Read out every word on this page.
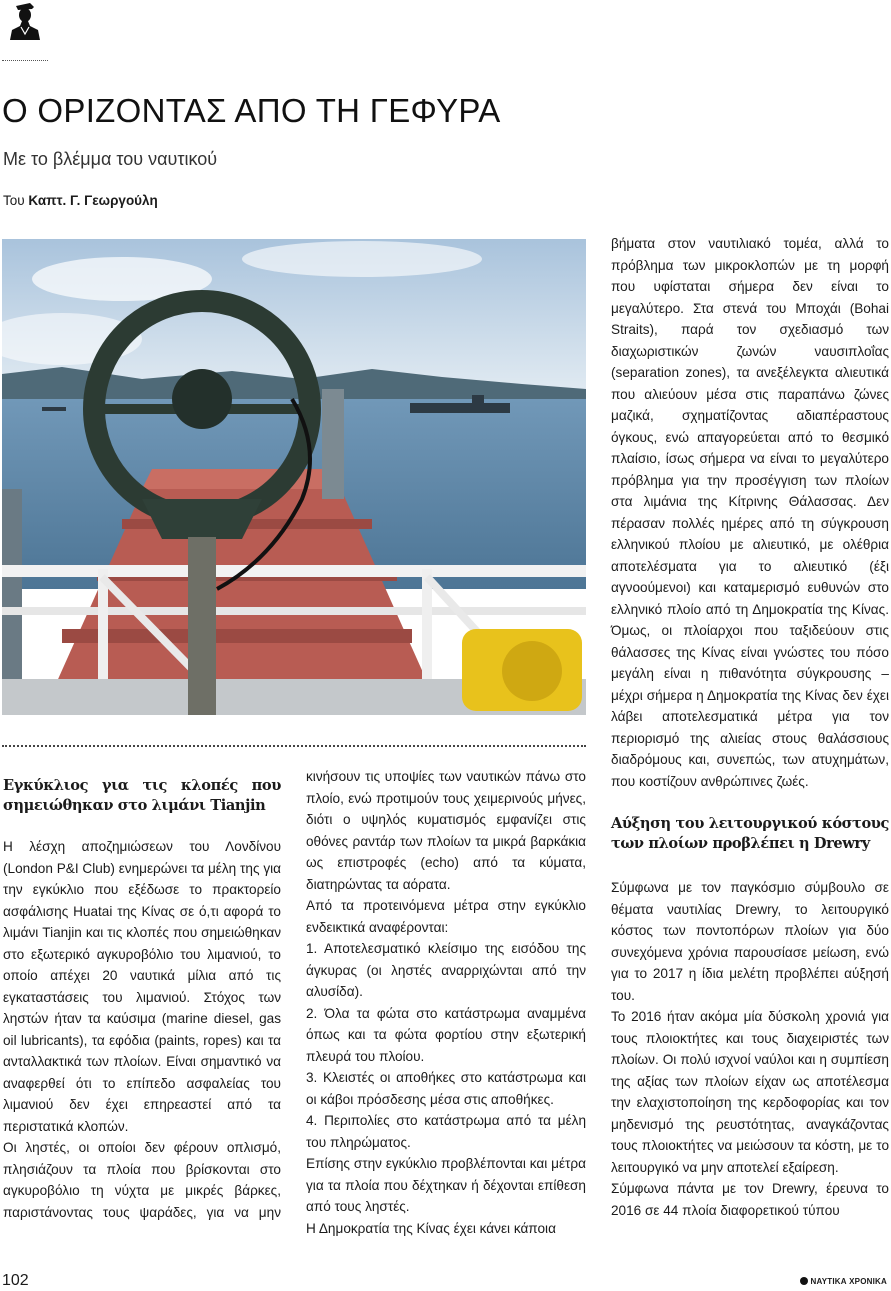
Ο ΟΡΙΖΟΝΤΑΣ ΑΠΟ ΤΗ ΓΕΦΥΡΑ
Με το βλέμμα του ναυτικού
Του Καπτ. Γ. Γεωργούλη

βήματα στον ναυτιλιακό τομέα, αλλά το πρόβλημα των μικροκλοπών με τη μορφή που υφίσταται σήμερα δεν είναι το μεγαλύτερο. Στα στενά του Μποχάι (Bohai Straits), παρά τον σχεδιασμό των διαχωριστικών ζωνών ναυσιπλοΐας (separation zones), τα ανεξέλεγκτα αλιευτικά που αλιεύουν μέσα στις παραπάνω ζώνες μαζικά, σχηματίζοντας αδιαπέραστους όγκους, ενώ απαγορεύεται από το θεσμικό πλαίσιο, ίσως σήμερα να είναι το μεγαλύτερο πρόβλημα για την προσέγγιση των πλοίων στα λιμάνια της Κίτρινης Θάλασσας. Δεν πέρασαν πολλές ημέρες από τη σύγκρουση ελληνικού πλοίου με αλιευτικό, με ολέθρια αποτελέσματα για το αλιευτικό (έξι αγνοούμενοι) και καταμερισμό ευθυνών στο ελληνικό πλοίο από τη Δημοκρατία της Κίνας. Όμως, οι πλοίαρχοι που ταξιδεύουν στις θάλασσες της Κίνας είναι γνώστες του πόσο μεγάλη είναι η πιθανότητα σύγκρουσης – μέχρι σήμερα η Δημοκρατία της Κίνας δεν έχει λάβει αποτελεσματικά μέτρα για τον περιορισμό της αλιείας στους θαλάσσιους διαδρόμους και, συνεπώς, των ατυχημάτων, που κοστίζουν ανθρώπινες ζωές.

Αύξηση του λειτουργικού κόστους των πλοίων προβλέπει η Drewry

Σύμφωνα με τον παγκόσμιο σύμβουλο σε θέματα ναυτιλίας Drewry, το λειτουργικό κόστος των ποντοπόρων πλοίων για δύο συνεχόμενα χρόνια παρουσίασε μείωση, ενώ για το 2017 η ίδια μελέτη προβλέπει αύξησή του.

Το 2016 ήταν ακόμα μία δύσκολη χρονιά για τους πλοιοκτήτες και τους διαχειριστές των πλοίων. Οι πολύ ισχνοί ναύλοι και η συμπίεση της αξίας των πλοίων είχαν ως αποτέλεσμα την ελαχιστοποίηση της κερδοφορίας και τον μηδενισμό της ρευστότητας, αναγκάζοντας τους πλοιοκτήτες να μειώσουν τα κόστη, με το λειτουργικό να μην αποτελεί εξαίρεση.

Σύμφωνα πάντα με τον Drewry, έρευνα το 2016 σε 44 πλοία διαφορετικού τύπου

Εγκύκλιος για τις κλοπές που σημειώθηκαν στο λιμάνι Tianjin

Η λέσχη αποζημιώσεων του Λονδίνου (London P&I Club) ενημερώνει τα μέλη της για την εγκύκλιο που εξέδωσε το πρακτορείο ασφάλισης Huatai της Κίνας σε ό,τι αφορά το λιμάνι Tianjin και τις κλοπές που σημειώθηκαν στο εξωτερικό αγκυροβόλιο του λιμανιού, το οποίο απέχει 20 ναυτικά μίλια από τις εγκαταστάσεις του λιμανιού. Στόχος των ληστών ήταν τα καύσιμα (marine diesel, gas oil lubricants), τα εφόδια (paints, ropes) και τα ανταλλακτικά των πλοίων. Είναι σημαντικό να αναφερθεί ότι το επίπεδο ασφαλείας του λιμανιού δεν έχει επηρεαστεί από τα περιστατικά κλοπών.

Οι ληστές, οι οποίοι δεν φέρουν οπλισμό, πλησιάζουν τα πλοία που βρίσκονται στο αγκυροβόλιο τη νύχτα με μικρές βάρκες, παριστάνοντας τους ψαράδες, για να μην

κινήσουν τις υποψίες των ναυτικών πάνω στο πλοίο, ενώ προτιμούν τους χειμερινούς μήνες, διότι ο υψηλός κυματισμός εμφανίζει στις οθόνες ραντάρ των πλοίων τα μικρά βαρκάκια ως επιστροφές (echo) από τα κύματα, διατηρώντας τα αόρατα.

Από τα προτεινόμενα μέτρα στην εγκύκλιο ενδεικτικά αναφέρονται:

1. Αποτελεσματικό κλείσιμο της εισόδου της άγκυρας (οι ληστές αναρριχώνται από την αλυσίδα).

2. Όλα τα φώτα στο κατάστρωμα αναμμένα όπως και τα φώτα φορτίου στην εξωτερική πλευρά του πλοίου.

3. Κλειστές οι αποθήκες στο κατάστρωμα και οι κάβοι πρόσδεσης μέσα στις αποθήκες.

4. Περιπολίες στο κατάστρωμα από τα μέλη του πληρώματος.

Επίσης στην εγκύκλιο προβλέπονται και μέτρα για τα πλοία που δέχτηκαν ή δέχονται επίθεση από τους ληστές.

Η Δημοκρατία της Κίνας έχει κάνει κάποια

102	ΝΑΥΤΙΚΑ ΧΡΟΝΙΚΑ
